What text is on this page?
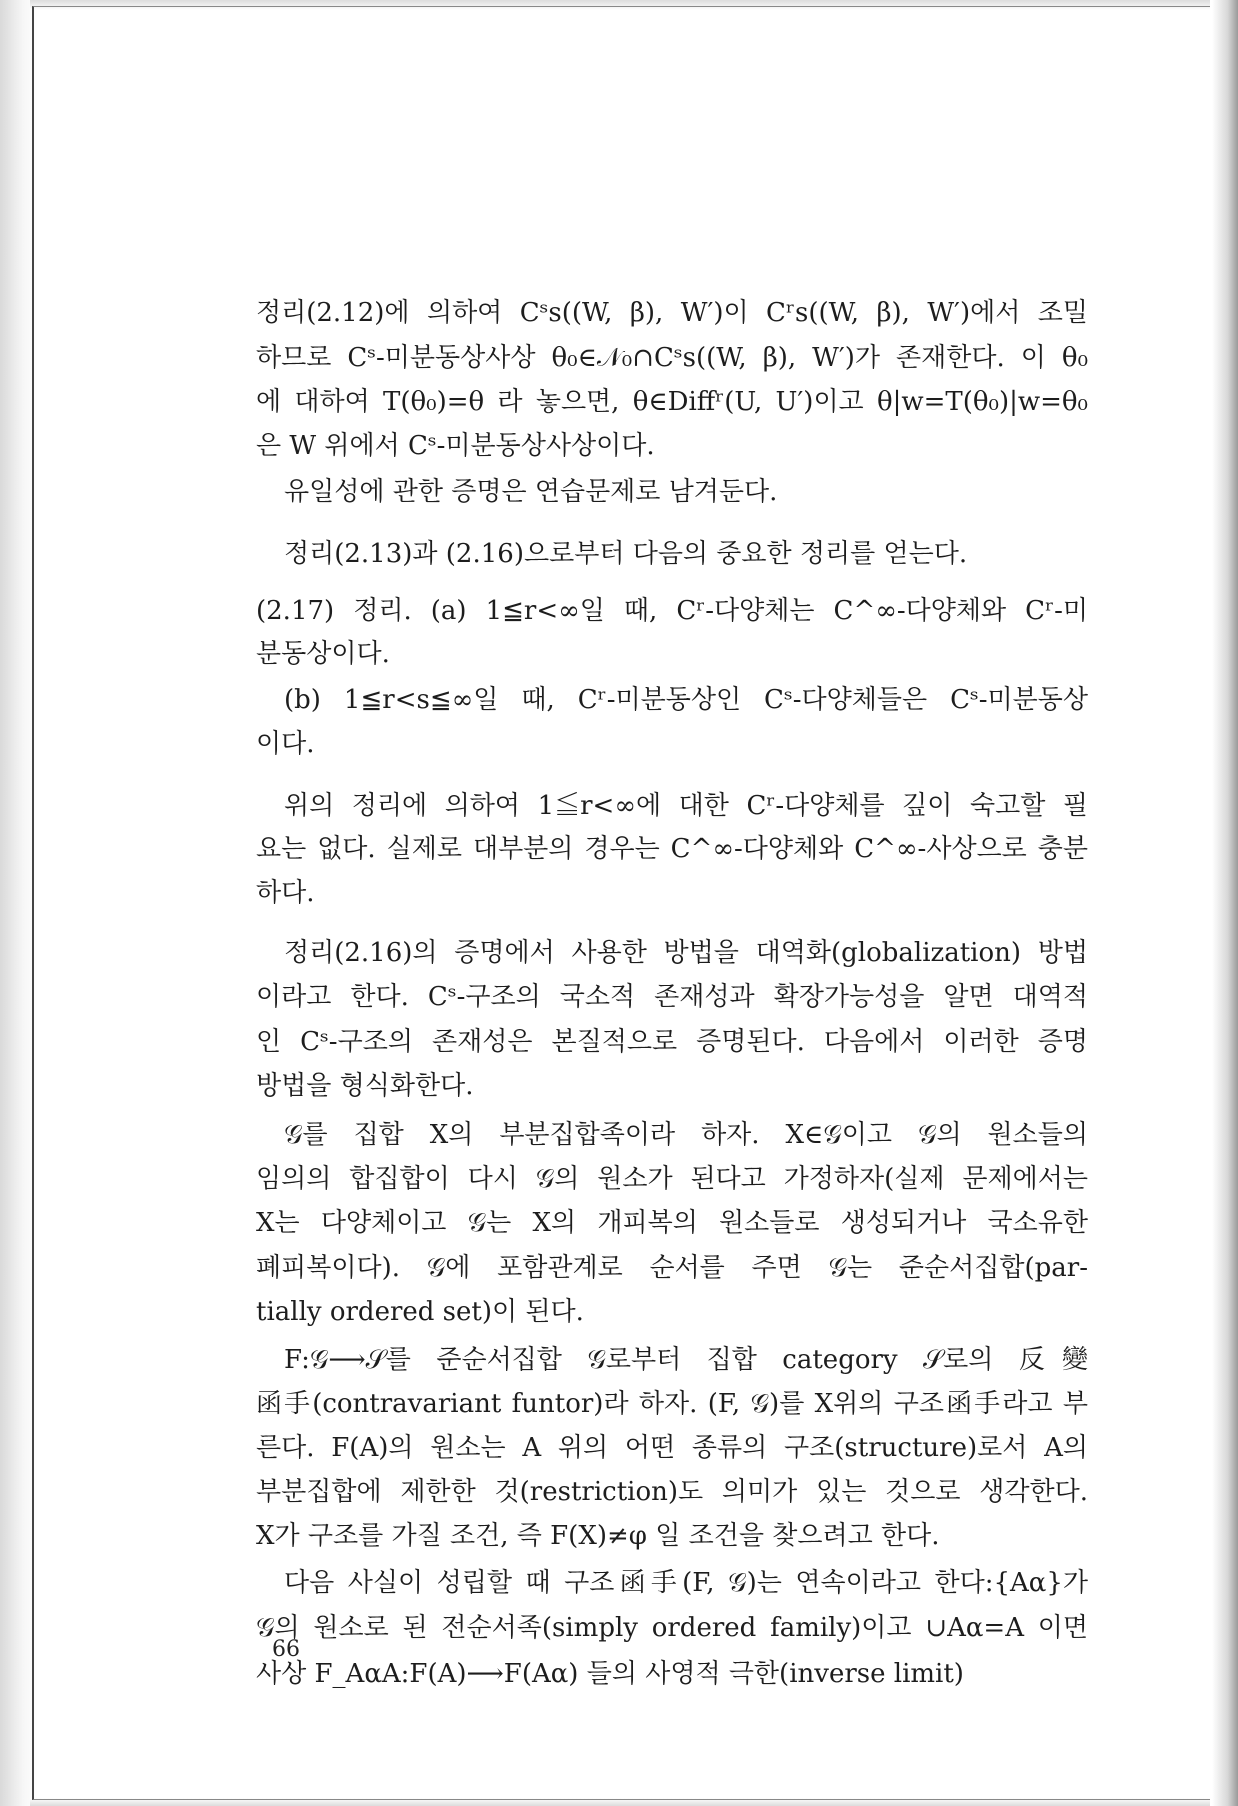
정리(2.12)에 의하여 Cˢs((W, β), W′)이 Cʳs((W, β), W′)에서 조밀
하므로 Cˢ-미분동상사상 θ₀∈𝒩₀∩Cˢs((W, β), W′)가 존재한다. 이 θ₀
에 대하여 T(θ₀)=θ 라 놓으면, θ∈Diffʳ(U, U′)이고 θ|w=T(θ₀)|w=θ₀
은 W 위에서 Cˢ-미분동상사상이다.
유일성에 관한 증명은 연습문제로 남겨둔다.
정리(2.13)과 (2.16)으로부터 다음의 중요한 정리를 얻는다.
(2.17) 정리. (a) 1≦r<∞일 때, Cʳ-다양체는 C^∞-다양체와 Cʳ-미
분동상이다.
(b) 1≦r<s≦∞일 때, Cʳ-미분동상인 Cˢ-다양체들은 Cˢ-미분동상
이다.
위의 정리에 의하여 1≦r<∞에 대한 Cʳ-다양체를 깊이 숙고할 필
요는 없다. 실제로 대부분의 경우는 C^∞-다양체와 C^∞-사상으로 충분
하다.
정리(2.16)의 증명에서 사용한 방법을 대역화(globalization) 방법
이라고 한다. Cˢ-구조의 국소적 존재성과 확장가능성을 알면 대역적
인 Cˢ-구조의 존재성은 본질적으로 증명된다. 다음에서 이러한 증명
방법을 형식화한다.
𝒢를 집합 X의 부분집합족이라 하자. X∈𝒢이고 𝒢의 원소들의
임의의 합집합이 다시 𝒢의 원소가 된다고 가정하자(실제 문제에서는
X는 다양체이고 𝒢는 X의 개피복의 원소들로 생성되거나 국소유한
폐피복이다). 𝒢에 포함관계로 순서를 주면 𝒢는 준순서집합(par-
tially ordered set)이 된다.
F:𝒢⟶𝒮를 준순서집합 𝒢로부터 집합 category 𝒮로의 反變
函手(contravariant funtor)라 하자. (F, 𝒢)를 X위의 구조函手라고 부
른다. F(A)의 원소는 A 위의 어떤 종류의 구조(structure)로서 A의
부분집합에 제한한 것(restriction)도 의미가 있는 것으로 생각한다.
X가 구조를 가질 조건, 즉 F(X)≠φ 일 조건을 찾으려고 한다.
다음 사실이 성립할 때 구조函手(F, 𝒢)는 연속이라고 한다:{Aα}가
𝒢의 원소로 된 전순서족(simply ordered family)이고 ∪Aα=A 이면
사상 F_AαA:F(A)⟶F(Aα) 들의 사영적 극한(inverse limit)
66
